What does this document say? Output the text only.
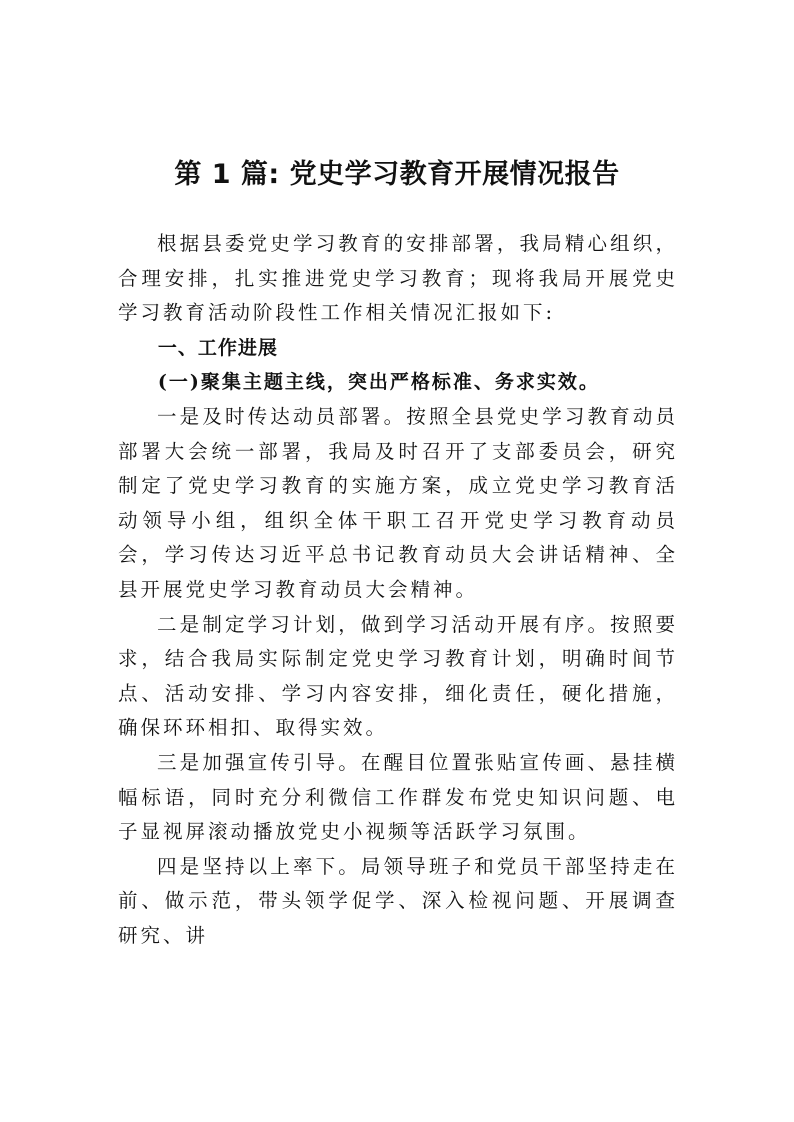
第 1 篇: 党史学习教育开展情况报告

根据县委党史学习教育的安排部署，我局精心组织，合理安排，扎实推进党史学习教育；现将我局开展党史学习教育活动阶段性工作相关情况汇报如下:

一、工作进展

(一)聚集主题主线，突出严格标准、务求实效。

一是及时传达动员部署。按照全县党史学习教育动员部署大会统一部署，我局及时召开了支部委员会，研究制定了党史学习教育的实施方案，成立党史学习教育活动领导小组，组织全体干职工召开党史学习教育动员会，学习传达习近平总书记教育动员大会讲话精神、全县开展党史学习教育动员大会精神。

二是制定学习计划，做到学习活动开展有序。按照要求，结合我局实际制定党史学习教育计划，明确时间节点、活动安排、学习内容安排，细化责任，硬化措施，确保环环相扣、取得实效。

三是加强宣传引导。在醒目位置张贴宣传画、悬挂横幅标语，同时充分利微信工作群发布党史知识问题、电子显视屏滚动播放党史小视频等活跃学习氛围。

四是坚持以上率下。局领导班子和党员干部坚持走在前、做示范，带头领学促学、深入检视问题、开展调查研究、讲
